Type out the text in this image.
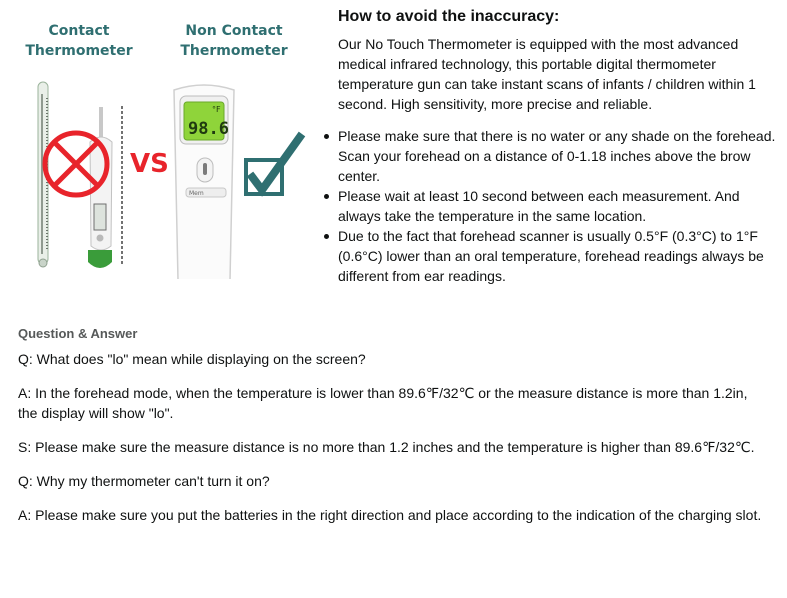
Contact
Thermometer
Non Contact
Thermometer
VS
98.6
°F
Mem
How to avoid the inaccuracy:

Our No Touch Thermometer is equipped with the most advanced medical infrared technology, this portable digital thermometer temperature gun can take instant scans of infants / children within 1 second. High sensitivity, more precise and reliable.

Please make sure that there is no water or any shade on the forehead. Scan your forehead on a distance of 0-1.18 inches above the brow center.
Please wait at least 10 second between each measurement. And always take the temperature in the same location.
Due to the fact that forehead scanner is usually 0.5°F (0.3°C) to 1°F (0.6°C) lower than an oral temperature, forehead readings always be different from ear readings.
Question & Answer

Q: What does "lo" mean while displaying on the screen?

A: In the forehead mode, when the temperature is lower than 89.6℉/32℃ or the measure distance is more than 1.2in, the display will show "lo".

S: Please make sure the measure distance is no more than 1.2 inches and the temperature is higher than 89.6℉/32℃.

Q: Why my thermometer can't turn it on?

A: Please make sure you put the batteries in the right direction and place according to the indication of the charging slot.
